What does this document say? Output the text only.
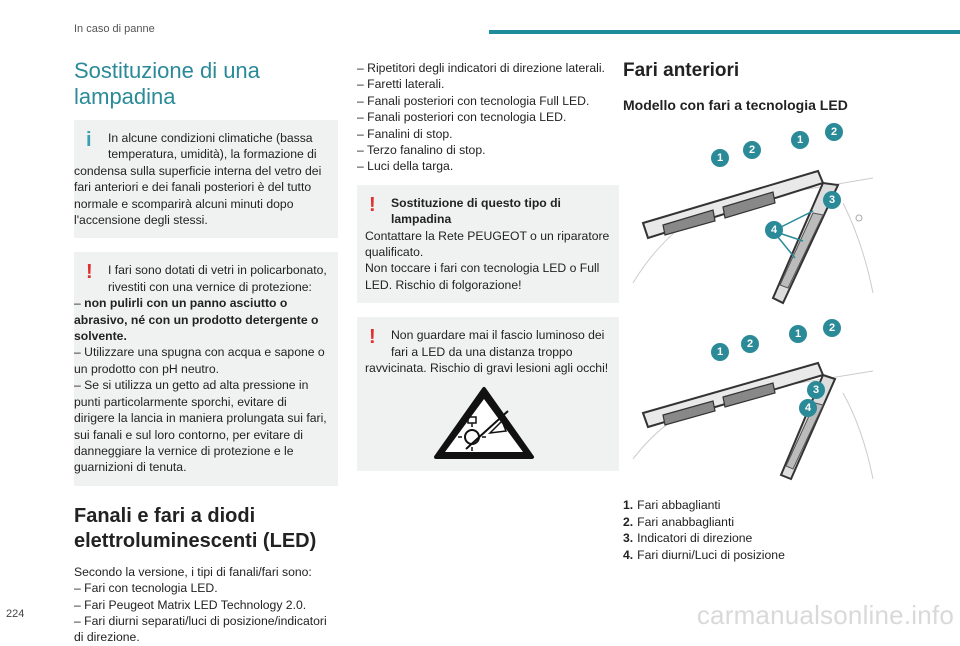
In caso di panne
224	carmanualsonline.info
Sostituzione di una lampadina
i	In alcune condizioni climatiche (bassa temperatura, umidità), la formazione di

condensa sulla superficie interna del vetro dei fari anteriori e dei fanali posteriori è del tutto normale e scomparirà alcuni minuti dopo l'accensione degli stessi.

!	I fari sono dotati di vetri in policarbonato, rivestiti con una vernice di protezione:

– non pulirli con un panno asciutto o abrasivo, né con un prodotto detergente o solvente.
– Utilizzare una spugna con acqua e sapone o un prodotto con pH neutro.
– Se si utilizza un getto ad alta pressione in punti particolarmente sporchi, evitare di dirigere la lancia in maniera prolungata sui fari, sui fanali e sul loro contorno, per evitare di danneggiare la vernice di protezione e le guarnizioni di tenuta.
Fanali e fari a diodi elettroluminescenti (LED)

Secondo la versione, i tipi di fanali/fari sono:

– Fari con tecnologia LED.
– Fari Peugeot Matrix LED Technology 2.0.
– Fari diurni separati/luci di posizione/indicatori di direzione.
– Ripetitori degli indicatori di direzione laterali.
– Faretti laterali.
– Fanali posteriori con tecnologia Full LED.
– Fanali posteriori con tecnologia LED.
– Fanalini di stop.
– Terzo fanalino di stop.
– Luci della targa.
!	Sostituzione di questo tipo di lampadina

Contattare la Rete PEUGEOT o un riparatore qualificato.

Non toccare i fari con tecnologia LED o Full LED. Rischio di folgorazione!

!	Non guardare mai il fascio luminoso dei fari a LED da una distanza troppo

ravvicinata. Rischio di gravi lesioni agli occhi!

Fari anteriori
Modello con fari a tecnologia LED
1
2
1
2
3
4
1
2
1	2
3
4
1. Fari abbaglianti
2. Fari anabbaglianti
3. Indicatori di direzione
4. Fari diurni/Luci di posizione
